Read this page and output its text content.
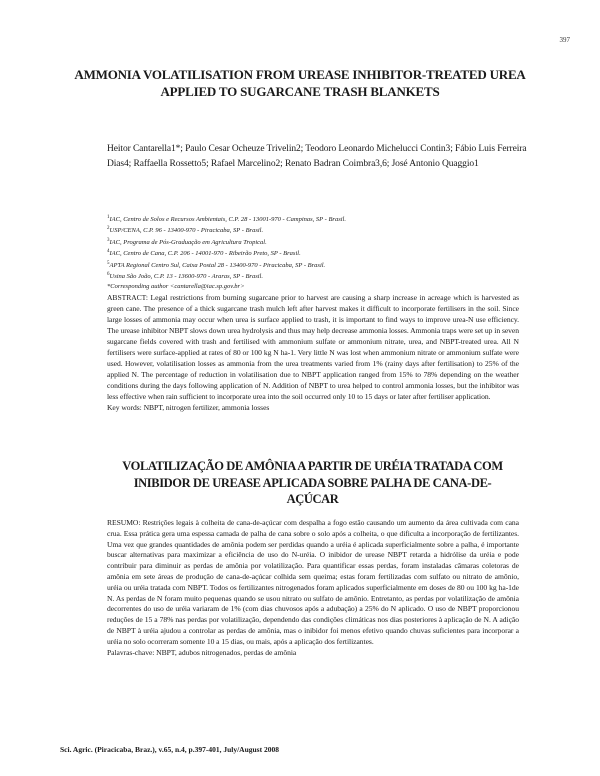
397
AMMONIA VOLATILISATION FROM UREASE INHIBITOR-TREATED UREA APPLIED TO SUGARCANE TRASH BLANKETS
Heitor Cantarella1*; Paulo Cesar Ocheuze Trivelin2; Teodoro Leonardo Michelucci Contin3; Fábio Luis Ferreira Dias4; Raffaella Rossetto5; Rafael Marcelino2; Renato Badran Coimbra3,6; José Antonio Quaggio1
$^1$IAC, Centro de Solos e Recursos Ambientais, C.P. 28 - 13001-970 - Campinas, SP - Brasil.
$^2$USP/CENA, C.P. 96 - 13400-970 - Piracicaba, SP - Brasil.
$^3$IAC, Programa de Pós-Graduação em Agricultura Tropical.
$^4$IAC, Centro de Cana, C.P. 206 - 14001-970 - Ribeirão Preto, SP - Brasil.
$^5$APTA Regional Centro Sul, Caixa Postal 28 - 13400-970 - Piracicaba, SP - Brasil.
$^6$Usina São João, C.P. 13 - 13600-970 - Araras, SP - Brasil.
*Corresponding author <cantarella@iac.sp.gov.br>

ABSTRACT: Legal restrictions from burning sugarcane prior to harvest are causing a sharp increase in acreage which is harvested as green cane. The presence of a thick sugarcane trash mulch left after harvest makes it difficult to incorporate fertilisers in the soil. Since large losses of ammonia may occur when urea is surface applied to trash, it is important to find ways to improve urea-N use efficiency. The urease inhibitor NBPT slows down urea hydrolysis and thus may help decrease ammonia losses. Ammonia traps were set up in seven sugarcane fields covered with trash and fertilised with ammonium sulfate or ammonium nitrate, urea, and NBPT-treated urea. All N fertilisers were surface-applied at rates of 80 or 100 kg N ha-1. Very little N was lost when ammonium nitrate or ammonium sulfate were used. However, volatilisation losses as ammonia from the urea treatments varied from 1% (rainy days after fertilisation) to 25% of the applied N. The percentage of reduction in volatilisation due to NBPT application ranged from 15% to 78% depending on the weather conditions during the days following application of N. Addition of NBPT to urea helped to control ammonia losses, but the inhibitor was less effective when rain sufficient to incorporate urea into the soil occurred only 10 to 15 days or later after fertiliser application.

Key words: NBPT, nitrogen fertilizer, ammonia losses

VOLATILIZAÇÃO DE AMÔNIA A PARTIR DE URÉIA TRATADA COM INIBIDOR DE UREASE APLICADA SOBRE PALHA DE CANA-DE-AÇÚCAR

RESUMO: Restrições legais à colheita de cana-de-açúcar com despalha a fogo estão causando um aumento da área cultivada com cana crua. Essa prática gera uma espessa camada de palha de cana sobre o solo após a colheita, o que dificulta a incorporação de fertilizantes. Uma vez que grandes quantidades de amônia podem ser perdidas quando a uréia é aplicada superficialmente sobre a palha, é importante buscar alternativas para maximizar a eficiência de uso do N-uréia. O inibidor de urease NBPT retarda a hidrólise da uréia e pode contribuir para diminuir as perdas de amônia por volatilização. Para quantificar essas perdas, foram instaladas câmaras coletoras de amônia em sete áreas de produção de cana-de-açúcar colhida sem queima; estas foram fertilizadas com sulfato ou nitrato de amônio, uréia ou uréia tratada com NBPT. Todos os fertilizantes nitrogenados foram aplicados superficialmente em doses de 80 ou 100 kg ha-1de N. As perdas de N foram muito pequenas quando se usou nitrato ou sulfato de amônio. Entretanto, as perdas por volatilização de amônia decorrentes do uso de uréia variaram de 1% (com dias chuvosos após a adubação) a 25% do N aplicado. O uso de NBPT proporcionou reduções de 15 a 78% nas perdas por volatilização, dependendo das condições climáticas nos dias posteriores à aplicação de N. A adição de NBPT à uréia ajudou a controlar as perdas de amônia, mas o inibidor foi menos efetivo quando chuvas suficientes para incorporar a uréia no solo ocorreram somente 10 a 15 dias, ou mais, após a aplicação dos fertilizantes.

Palavras-chave: NBPT, adubos nitrogenados, perdas de amônia

Sci. Agric. (Piracicaba, Braz.), v.65, n.4, p.397-401, July/August 2008
